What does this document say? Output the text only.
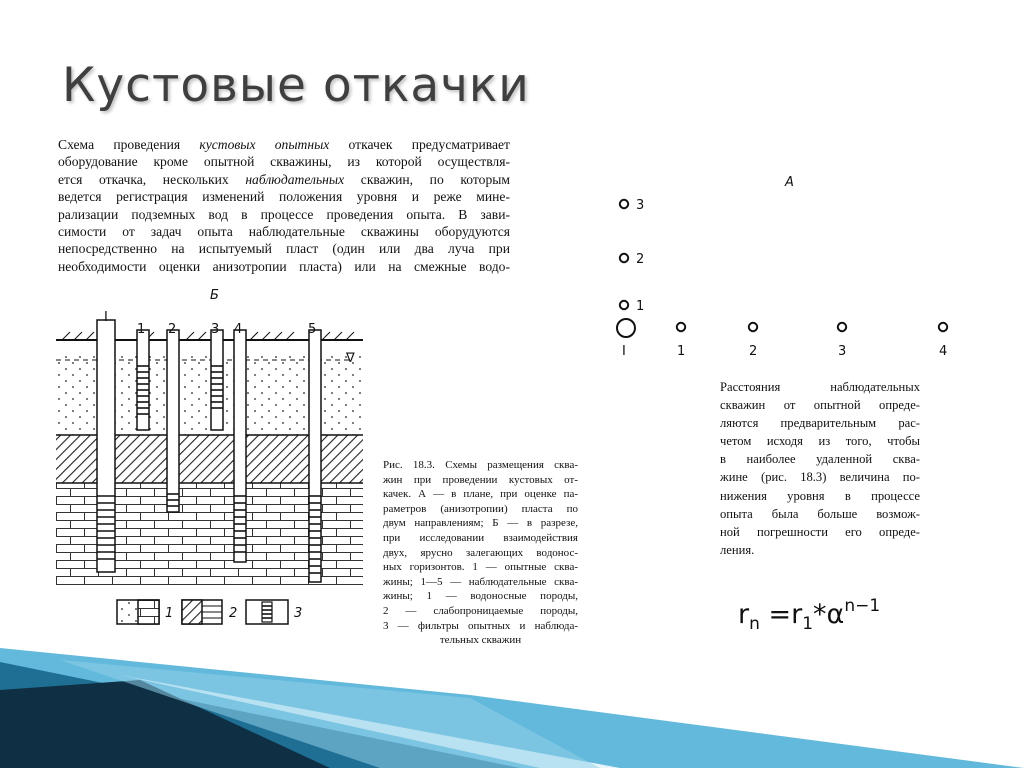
Кустовые откачки
Схема проведения кустовых опытных откачек предусматривает
оборудование кроме опытной скважины, из которой осуществля-
ется откачка, нескольких наблюдательных скважин, по которым
ведется регистрация изменений положения уровня и реже мине-
рализации подземных вод в процессе проведения опыта. В зави-
симости от задач опыта наблюдательные скважины оборудуются
непосредственно на испытуемый пласт (один или два луча при
необходимости оценки анизотропии пласта) или на смежные водо-
А
3
2
1
I	1	2	3	4
Б
∇
I
1 2	3 4	5
1	2	3
Рис. 18.3. Схемы размещения сква-
жин при проведении кустовых от-
качек. А — в плане, при оценке па-
раметров (анизотропии) пласта по
двум направлениям; Б — в разрезе,
при исследовании взаимодействия
двух, ярусно залегающих водонос-
ных горизонтов. 1 — опытные сква-
жины; 1—5 — наблюдательные сква-
жины; 1 — водоносные породы,
2 — слабопроницаемые породы,
3 — фильтры опытных и наблюда-
тельных скважин
Расстояния наблюдательных
скважин от опытной опреде-
ляются предварительным рас-
четом исходя из того, чтобы
в наиболее удаленной сква-
жине (рис. 18.3) величина по-
нижения уровня в процессе
опыта была больше возмож-
ной погрешности его опреде-
ления.
$r_n =r_1*\alpha^{n-1}$
